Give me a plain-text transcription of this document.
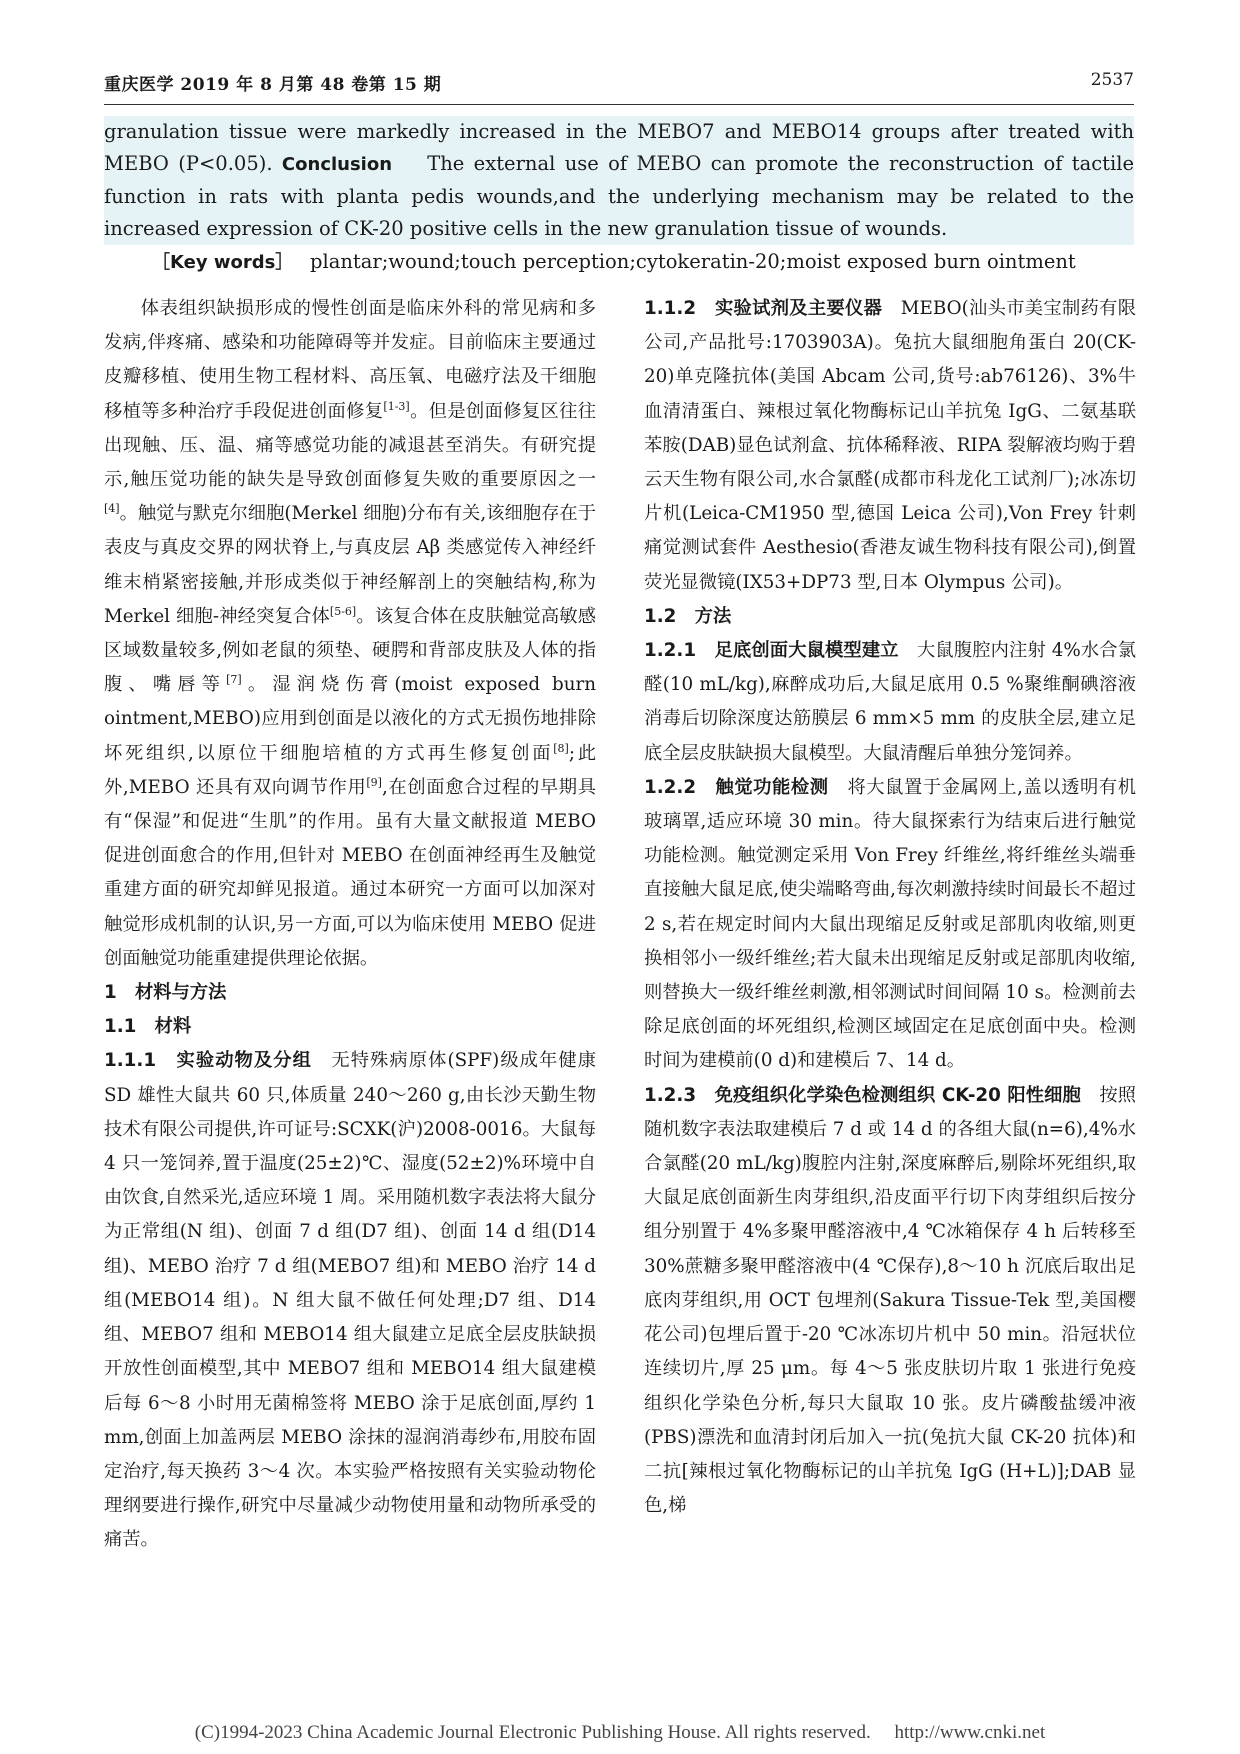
重庆医学 2019 年 8 月第 48 卷第 15 期	2537

granulation tissue were markedly increased in the MEBO7 and MEBO14 groups after treated with MEBO (P<0.05). Conclusion　 The external use of MEBO can promote the reconstruction of tactile function in rats with planta pedis wounds,and the underlying mechanism may be related to the increased expression of CK-20 positive cells in the new granulation tissue of wounds.

［Key words］　 plantar;wound;touch perception;cytokeratin-20;moist exposed burn ointment

体表组织缺损形成的慢性创面是临床外科的常见病和多发病,伴疼痛、感染和功能障碍等并发症。目前临床主要通过皮瓣移植、使用生物工程材料、高压氧、电磁疗法及干细胞移植等多种治疗手段促进创面修复[1-3]。但是创面修复区往往出现触、压、温、痛等感觉功能的减退甚至消失。有研究提示,触压觉功能的缺失是导致创面修复失败的重要原因之一[4]。触觉与默克尔细胞(Merkel 细胞)分布有关,该细胞存在于表皮与真皮交界的网状脊上,与真皮层 Aβ 类感觉传入神经纤维末梢紧密接触,并形成类似于神经解剖上的突触结构,称为 Merkel 细胞-神经突复合体[5-6]。该复合体在皮肤触觉高敏感区域数量较多,例如老鼠的须垫、硬腭和背部皮肤及人体的指腹、嘴唇等[7]。湿润烧伤膏(moist exposed burn ointment,MEBO)应用到创面是以液化的方式无损伤地排除坏死组织,以原位干细胞培植的方式再生修复创面[8];此外,MEBO 还具有双向调节作用[9],在创面愈合过程的早期具有“保湿”和促进“生肌”的作用。虽有大量文献报道 MEBO 促进创面愈合的作用,但针对 MEBO 在创面神经再生及触觉重建方面的研究却鲜见报道。通过本研究一方面可以加深对触觉形成机制的认识,另一方面,可以为临床使用 MEBO 促进创面触觉功能重建提供理论依据。

1　材料与方法

1.1　材料

1.1.1　 实验动物及分组　 无特殊病原体(SPF)级成年健康 SD 雄性大鼠共 60 只,体质量 240～260 g,由长沙天勤生物技术有限公司提供,许可证号:SCXK(沪)2008-0016。大鼠每 4 只一笼饲养,置于温度(25±2)℃、湿度(52±2)%环境中自由饮食,自然采光,适应环境 1 周。采用随机数字表法将大鼠分为正常组(N 组)、创面 7 d 组(D7 组)、创面 14 d 组(D14 组)、MEBO 治疗 7 d 组(MEBO7 组)和 MEBO 治疗 14 d 组(MEBO14 组)。N 组大鼠不做任何处理;D7 组、D14 组、MEBO7 组和 MEBO14 组大鼠建立足底全层皮肤缺损开放性创面模型,其中 MEBO7 组和 MEBO14 组大鼠建模后每 6～8 小时用无菌棉签将 MEBO 涂于足底创面,厚约 1 mm,创面上加盖两层 MEBO 涂抹的湿润消毒纱布,用胶布固定治疗,每天换药 3～4 次。本实验严格按照有关实验动物伦理纲要进行操作,研究中尽量减少动物使用量和动物所承受的痛苦。

1.1.2　 实验试剂及主要仪器　 MEBO(汕头市美宝制药有限公司,产品批号:1703903A)。兔抗大鼠细胞角蛋白 20(CK-20)单克隆抗体(美国 Abcam 公司,货号:ab76126)、3%牛血清清蛋白、辣根过氧化物酶标记山羊抗兔 IgG、二氨基联苯胺(DAB)显色试剂盒、抗体稀释液、RIPA 裂解液均购于碧云天生物有限公司,水合氯醛(成都市科龙化工试剂厂);冰冻切片机(Leica-CM1950 型,德国 Leica 公司),Von Frey 针刺痛觉测试套件 Aesthesio(香港友诚生物科技有限公司),倒置荧光显微镜(IX53+DP73 型,日本 Olympus 公司)。

1.2　方法

1.2.1　 足底创面大鼠模型建立　 大鼠腹腔内注射 4%水合氯醛(10 mL/kg),麻醉成功后,大鼠足底用 0.5 %聚维酮碘溶液消毒后切除深度达筋膜层 6 mm×5 mm 的皮肤全层,建立足底全层皮肤缺损大鼠模型。大鼠清醒后单独分笼饲养。

1.2.2　 触觉功能检测　 将大鼠置于金属网上,盖以透明有机玻璃罩,适应环境 30 min。待大鼠探索行为结束后进行触觉功能检测。触觉测定采用 Von Frey 纤维丝,将纤维丝头端垂直接触大鼠足底,使尖端略弯曲,每次刺激持续时间最长不超过 2 s,若在规定时间内大鼠出现缩足反射或足部肌肉收缩,则更换相邻小一级纤维丝;若大鼠未出现缩足反射或足部肌肉收缩,则替换大一级纤维丝刺激,相邻测试时间间隔 10 s。检测前去除足底创面的坏死组织,检测区域固定在足底创面中央。检测时间为建模前(0 d)和建模后 7、14 d。

1.2.3　 免疫组织化学染色检测组织 CK-20 阳性细胞　 按照随机数字表法取建模后 7 d 或 14 d 的各组大鼠(n=6),4%水合氯醛(20 mL/kg)腹腔内注射,深度麻醉后,剔除坏死组织,取大鼠足底创面新生肉芽组织,沿皮面平行切下肉芽组织后按分组分别置于 4%多聚甲醛溶液中,4 ℃冰箱保存 4 h 后转移至 30%蔗糖多聚甲醛溶液中(4 ℃保存),8～10 h 沉底后取出足底肉芽组织,用 OCT 包埋剂(Sakura Tissue-Tek 型,美国樱花公司)包埋后置于-20 ℃冰冻切片机中 50 min。沿冠状位连续切片,厚 25 μm。每 4～5 张皮肤切片取 1 张进行免疫组织化学染色分析,每只大鼠取 10 张。皮片磷酸盐缓冲液(PBS)漂洗和血清封闭后加入一抗(兔抗大鼠 CK-20 抗体)和二抗[辣根过氧化物酶标记的山羊抗兔 IgG (H+L)];DAB 显色,梯

(C)1994-2023 China Academic Journal Electronic Publishing House. All rights reserved.　 http://www.cnki.net
